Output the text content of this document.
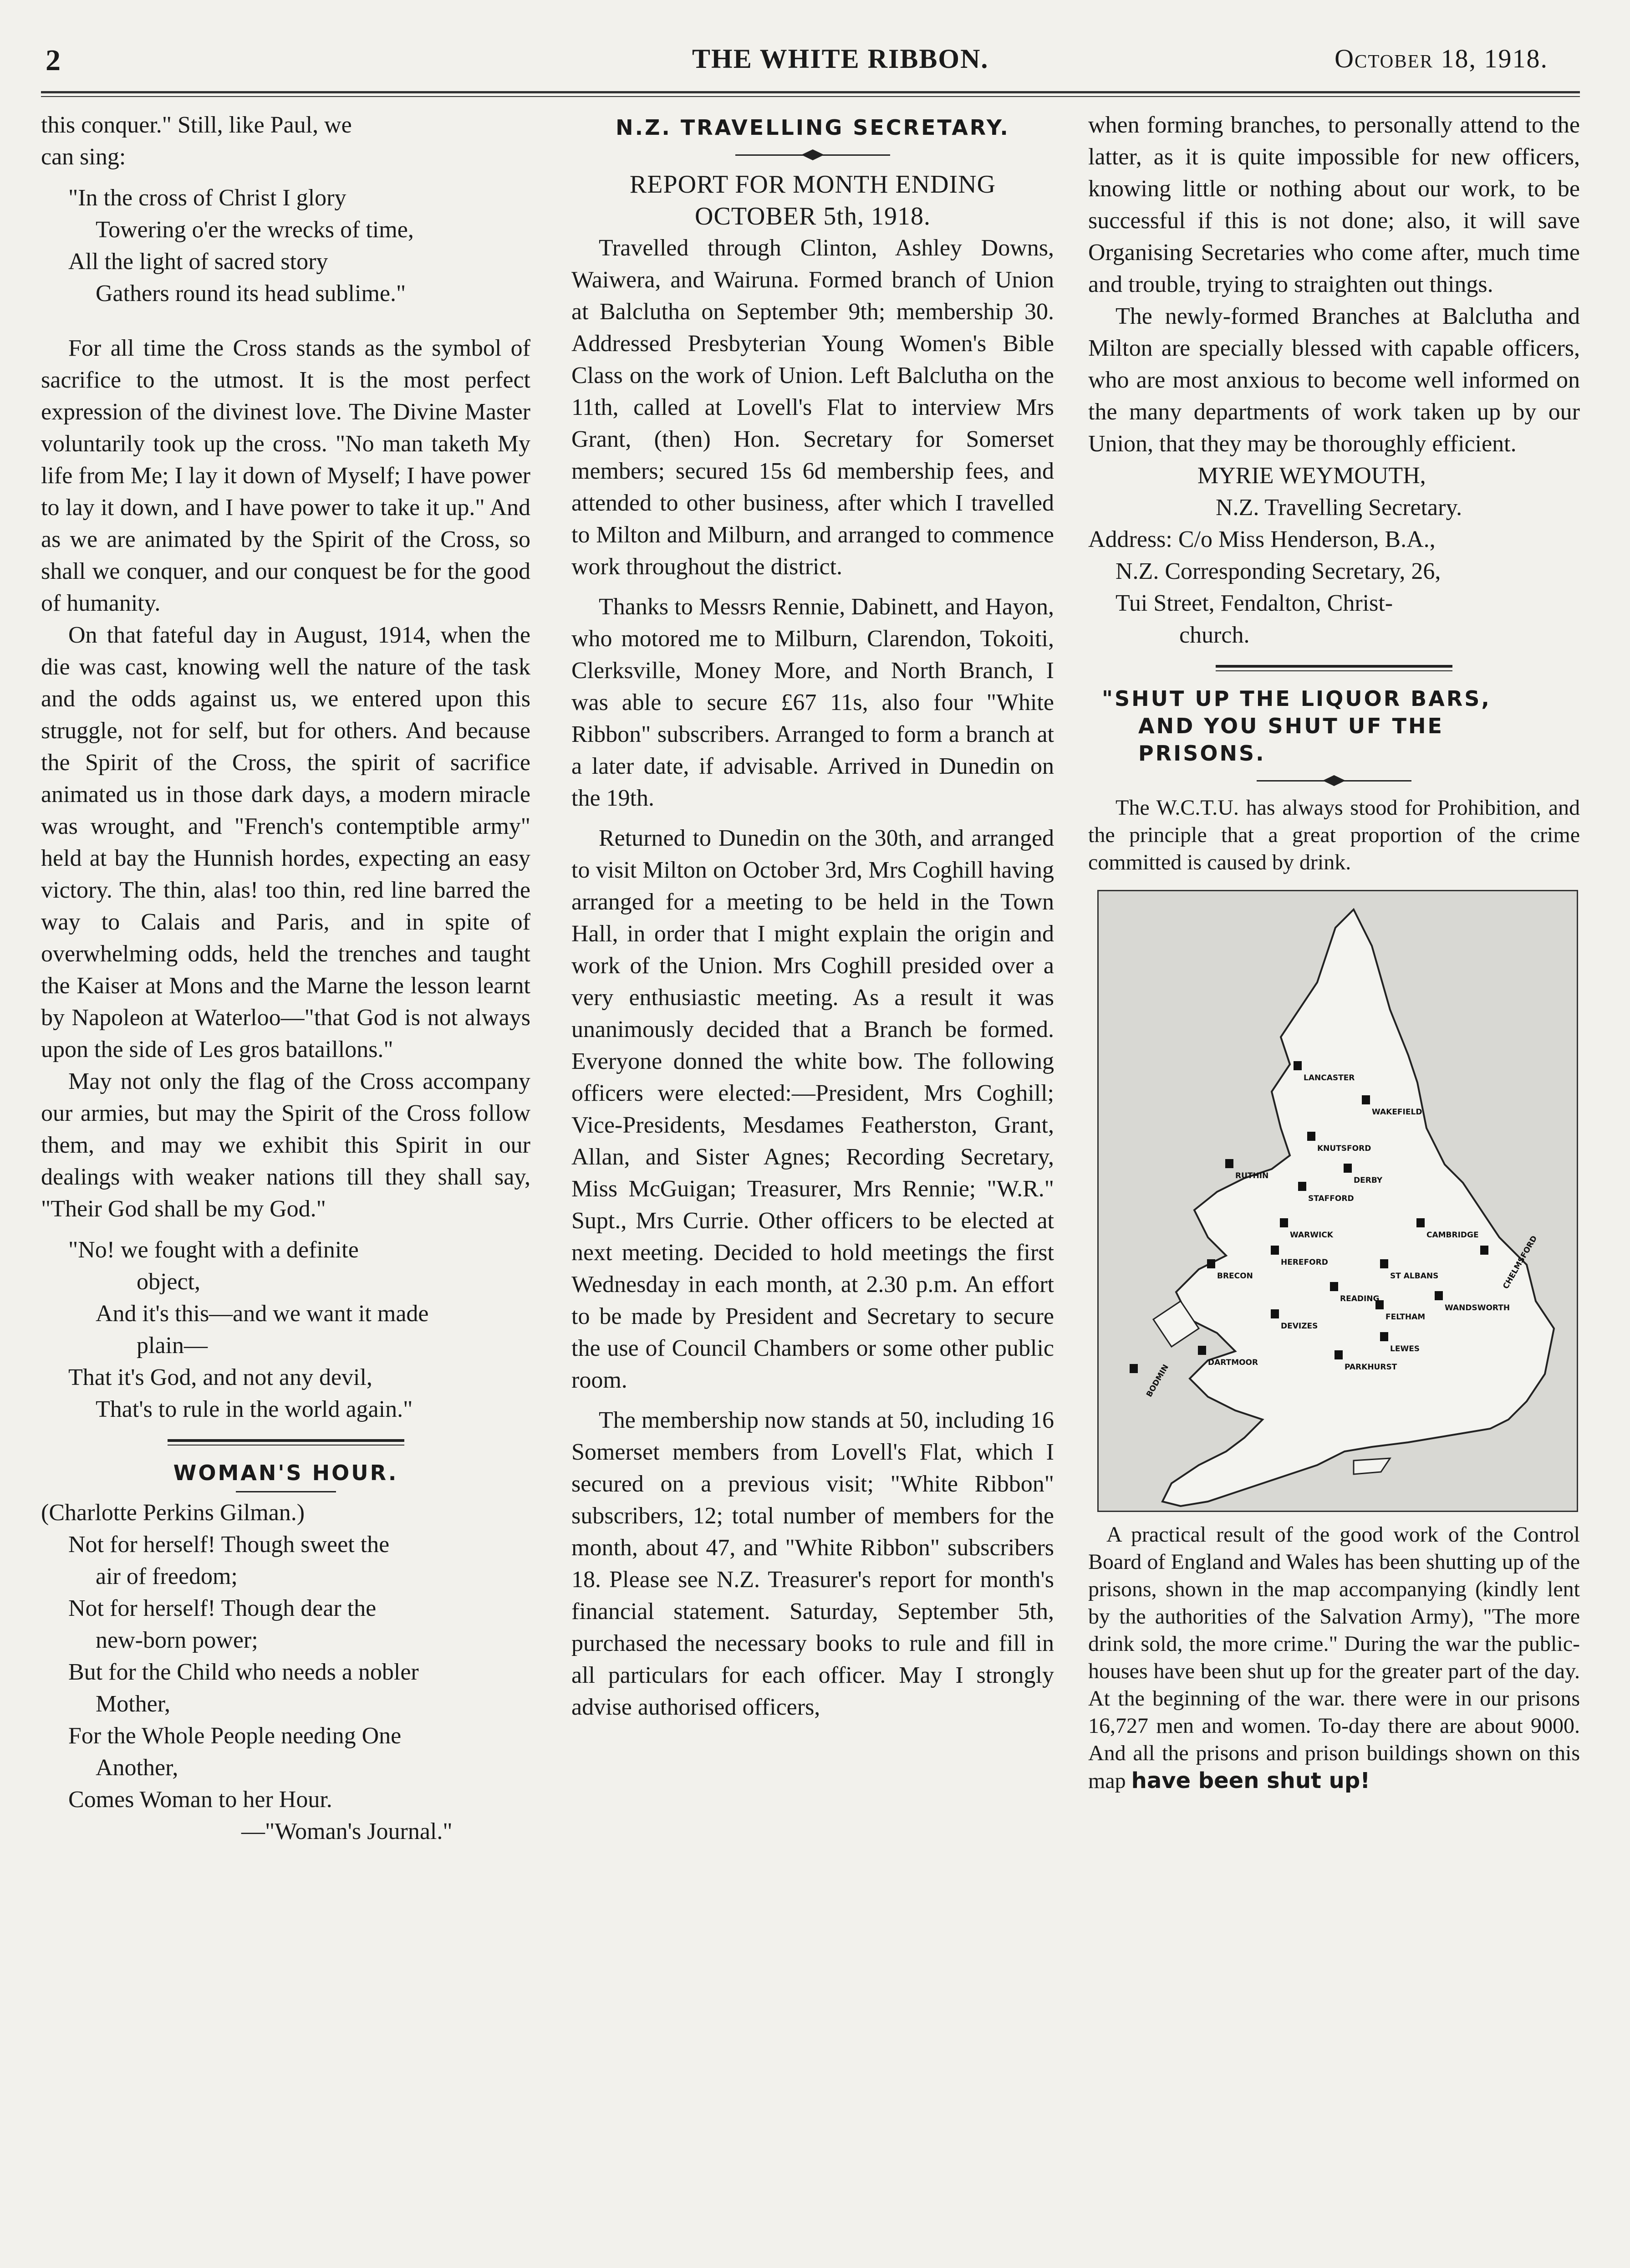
2	THE WHITE RIBBON.	October 18, 1918.

this conquer." Still, like Paul, we

can sing:

"In the cross of Christ I glory

Towering o'er the wrecks of time,

All the light of sacred story

Gathers round its head sublime."

For all time the Cross stands as the symbol of sacrifice to the utmost. It is the most perfect expression of the divinest love. The Divine Master voluntarily took up the cross. "No man taketh My life from Me; I lay it down of Myself; I have power to lay it down, and I have power to take it up." And as we are animated by the Spirit of the Cross, so shall we conquer, and our conquest be for the good of humanity.

On that fateful day in August, 1914, when the die was cast, knowing well the nature of the task and the odds against us, we entered upon this struggle, not for self, but for others. And because the Spirit of the Cross, the spirit of sacrifice animated us in those dark days, a modern miracle was wrought, and "French's contemptible army" held at bay the Hunnish hordes, expecting an easy victory. The thin, alas! too thin, red line barred the way to Calais and Paris, and in spite of overwhelming odds, held the trenches and taught the Kaiser at Mons and the Marne the lesson learnt by Napoleon at Waterloo—"that God is not always upon the side of Les gros bataillons."

May not only the flag of the Cross accompany our armies, but may the Spirit of the Cross follow them, and may we exhibit this Spirit in our dealings with weaker nations till they shall say, "Their God shall be my God."

"No! we fought with a definite

object,

And it's this—and we want it made

plain—

That it's God, and not any devil,

That's to rule in the world again."

WOMAN'S HOUR.

(Charlotte Perkins Gilman.)

Not for herself! Though sweet the

air of freedom;

Not for herself! Though dear the

new-born power;

But for the Child who needs a nobler

Mother,

For the Whole People needing One

Another,

Comes Woman to her Hour.

—"Woman's Journal."

N.Z. TRAVELLING SECRETARY.
REPORT FOR MONTH ENDING
OCTOBER 5th, 1918.

Travelled through Clinton, Ashley Downs, Waiwera, and Wairuna. Formed branch of Union at Balclutha on September 9th; membership 30. Addressed Presbyterian Young Women's Bible Class on the work of Union. Left Balclutha on the 11th, called at Lovell's Flat to interview Mrs Grant, (then) Hon. Secretary for Somerset members; secured 15s 6d membership fees, and attended to other business, after which I travelled to Milton and Milburn, and arranged to commence work throughout the district.

Thanks to Messrs Rennie, Dabinett, and Hayon, who motored me to Milburn, Clarendon, Tokoiti, Clerksville, Money More, and North Branch, I was able to secure £67 11s, also four "White Ribbon" subscribers. Arranged to form a branch at a later date, if advisable. Arrived in Dunedin on the 19th.

Returned to Dunedin on the 30th, and arranged to visit Milton on October 3rd, Mrs Coghill having arranged for a meeting to be held in the Town Hall, in order that I might explain the origin and work of the Union. Mrs Coghill presided over a very enthusiastic meeting. As a result it was unanimously decided that a Branch be formed. Everyone donned the white bow. The following officers were elected:—President, Mrs Coghill; Vice-Presidents, Mesdames Featherston, Grant, Allan, and Sister Agnes; Recording Secretary, Miss McGuigan; Treasurer, Mrs Rennie; "W.R." Supt., Mrs Currie. Other officers to be elected at next meeting. Decided to hold meetings the first Wednesday in each month, at 2.30 p.m. An effort to be made by President and Secretary to secure the use of Council Chambers or some other public room.

The membership now stands at 50, including 16 Somerset members from Lovell's Flat, which I secured on a previous visit; "White Ribbon" subscribers, 12; total number of members for the month, about 47, and "White Ribbon" subscribers 18. Please see N.Z. Treasurer's report for month's financial statement. Saturday, September 5th, purchased the necessary books to rule and fill in all particulars for each officer. May I strongly advise authorised officers,

when forming branches, to personally attend to the latter, as it is quite impossible for new officers, knowing little or nothing about our work, to be successful if this is not done; also, it will save Organising Secretaries who come after, much time and trouble, trying to straighten out things.

The newly-formed Branches at Balclutha and Milton are specially blessed with capable officers, who are most anxious to become well informed on the many departments of work taken up by our Union, that they may be thoroughly efficient.

MYRIE WEYMOUTH,

N.Z. Travelling Secretary.

Address: C/o Miss Henderson, B.A.,

N.Z. Corresponding Secretary, 26,

Tui Street, Fendalton, Christ-

church.

"SHUT UP THE LIQUOR BARS,
AND YOU SHUT UF THE
PRISONS.

The W.C.T.U. has always stood for Prohibition, and the principle that a great proportion of the crime committed is caused by drink.

LANCASTER
WAKEFIELD
KNUTSFORD
RUTHIN	DERBY
STAFFORD
WARWICK	CAMBRIDGE	CHELMSFORD
HEREFORD
BRECON	ST ALBANS
READING
FELTHAM
WANDSWORTH
DEVIZES
DARTMOOR
BODMIN
LEWES
PARKHURST

A practical result of the good work of the Control Board of England and Wales has been shutting up of the prisons, shown in the map accompanying (kindly lent by the authorities of the Salvation Army), "The more drink sold, the more crime." During the war the public-houses have been shut up for the greater part of the day. At the beginning of the war. there were in our prisons 16,727 men and women. To-day there are about 9000. And all the prisons and prison buildings shown on this map have been shut up!
